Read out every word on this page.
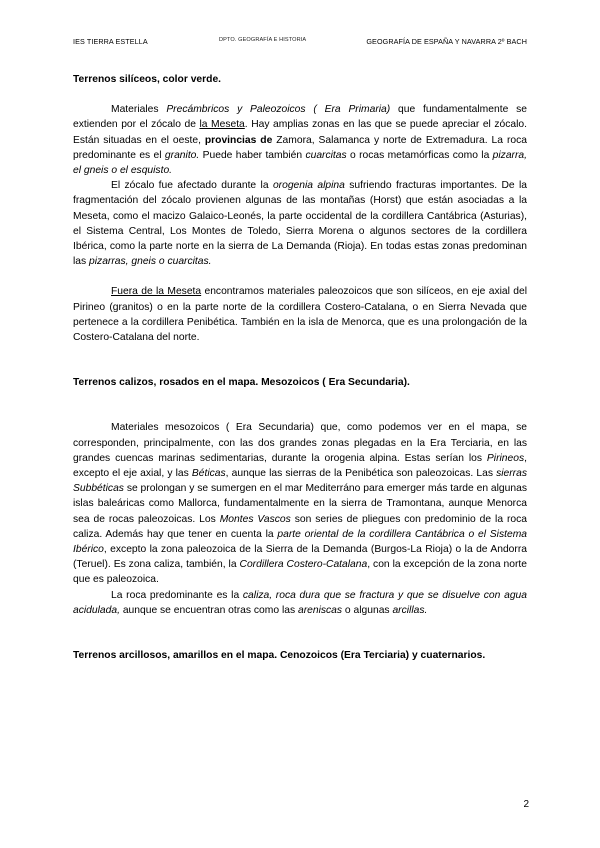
IES TIERRA ESTELLA	DPTO. GEOGRAFÍA E HISTORIA	GEOGRAFÍA DE ESPAÑA Y NAVARRA 2º BACH

Terrenos silíceos, color verde.

Materiales Precámbricos y Paleozoicos ( Era Primaria) que fundamentalmente se extienden por el zócalo de la Meseta. Hay amplias zonas en las que se puede apreciar el zócalo. Están situadas en el oeste, provincias de Zamora, Salamanca y norte de Extremadura. La roca predominante es el granito. Puede haber también cuarcitas o rocas metamórficas como la pizarra, el gneis o el esquisto.

El zócalo fue afectado durante la orogenia alpina sufriendo fracturas importantes. De la fragmentación del zócalo provienen algunas de las montañas (Horst) que están asociadas a la Meseta, como el macizo Galaico-Leonés, la parte occidental de la cordillera Cantábrica (Asturias), el Sistema Central, Los Montes de Toledo, Sierra Morena o algunos sectores de la cordillera Ibérica, como la parte norte en la sierra de La Demanda (Rioja). En todas estas zonas predominan las pizarras, gneis o cuarcitas.

Fuera de la Meseta encontramos materiales paleozoicos que son silíceos, en eje axial del Pirineo (granitos) o en la parte norte de la cordillera Costero-Catalana, o en Sierra Nevada que pertenece a la cordillera Penibética. También en la isla de Menorca, que es una prolongación de la Costero-Catalana del norte.

Terrenos calizos, rosados en el mapa. Mesozoicos ( Era Secundaria).

Materiales mesozoicos ( Era Secundaria) que, como podemos ver en el mapa, se corresponden, principalmente, con las dos grandes zonas plegadas en la Era Terciaria, en las grandes cuencas marinas sedimentarias, durante la orogenia alpina. Estas serían los Pirineos, excepto el eje axial, y las Béticas, aunque las sierras de la Penibética son paleozoicas. Las sierras Subbéticas se prolongan y se sumergen en el mar Mediterráno para emerger más tarde en algunas islas baleáricas como Mallorca, fundamentalmente en la sierra de Tramontana, aunque Menorca sea de rocas paleozoicas. Los Montes Vascos son series de pliegues con predominio de la roca caliza. Además hay que tener en cuenta la parte oriental de la cordillera Cantábrica o el Sistema Ibérico, excepto la zona paleozoica de la Sierra de la Demanda (Burgos-La Rioja) o la de Andorra (Teruel). Es zona caliza, también, la Cordillera Costero-Catalana, con la excepción de la zona norte que es paleozoica.

La roca predominante es la caliza, roca dura que se fractura y que se disuelve con agua acidulada, aunque se encuentran otras como las areniscas o algunas arcillas.

Terrenos arcillosos, amarillos en el mapa. Cenozoicos (Era Terciaria) y cuaternarios.

2
